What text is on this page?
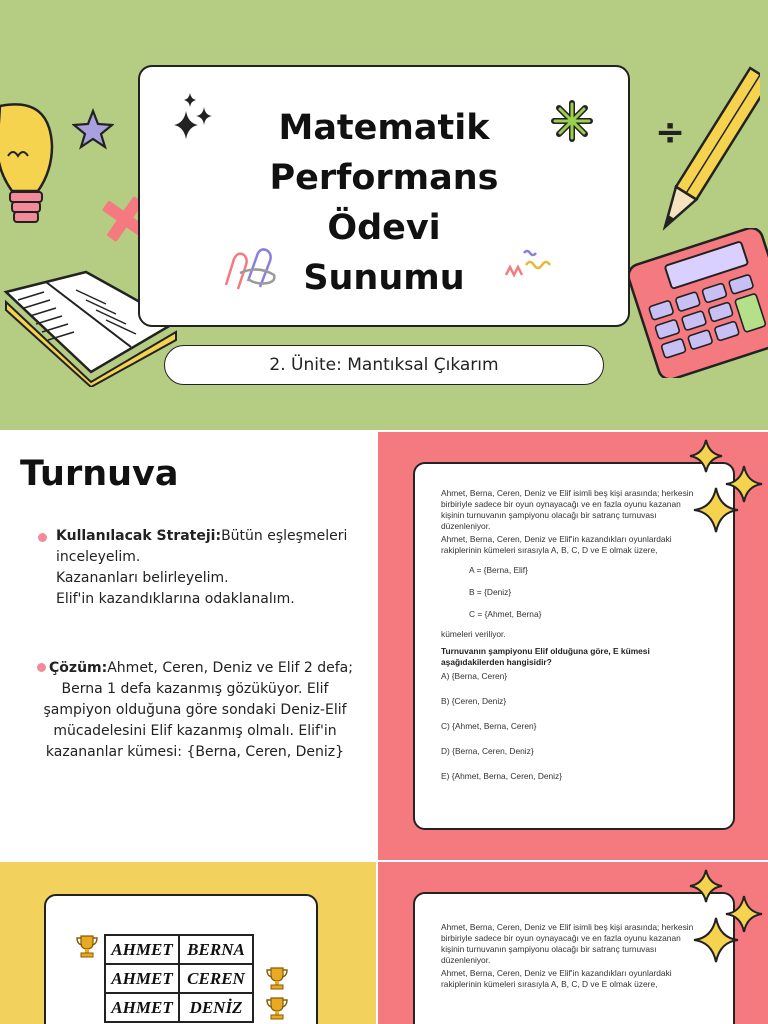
÷
Matematik
Performans
Ödevi
Sunumu
2. Ünite: Mantıksal Çıkarım
Turnuva
Kullanılacak Strateji:Bütün eşleşmeleri inceleyelim.
Kazananları belirleyelim.
Elif'in kazandıklarına odaklanalım.
Çözüm:Ahmet, Ceren, Deniz ve Elif 2 defa; Berna 1 defa kazanmış gözüküyor. Elif şampiyon olduğuna göre sondaki Deniz-Elif mücadelesini Elif kazanmış olmalı. Elif'in kazananlar kümesi: {Berna, Ceren, Deniz}
Ahmet, Berna, Ceren, Deniz ve Elif isimli beş kişi arasında; herkesin birbiriyle sadece bir oyun oynayacağı ve en fazla oyunu kazanan kişinin turnuvanın şampiyonu olacağı bir satranç turnuvası düzenleniyor.
Ahmet, Berna, Ceren, Deniz ve Elif'in kazandıkları oyunlardaki rakiplerinin kümeleri sırasıyla A, B, C, D ve E olmak üzere,
A = {Berna, Elif}
B = {Deniz}
C = {Ahmet, Berna}
kümeleri veriliyor.
Turnuvanın şampiyonu Elif olduğuna göre, E kümesi aşağıdakilerden hangisidir?
A) {Berna, Ceren}
B) {Ceren, Deniz}
C) {Ahmet, Berna, Ceren}
D) {Berna, Ceren, Deniz}
E) {Ahmet, Berna, Ceren, Deniz}
AHMET	BERNA
AHMET	CEREN
AHMET	DENİZ
Ahmet, Berna, Ceren, Deniz ve Elif isimli beş kişi arasında; herkesin birbiriyle sadece bir oyun oynayacağı ve en fazla oyunu kazanan kişinin turnuvanın şampiyonu olacağı bir satranç turnuvası düzenleniyor.
Ahmet, Berna, Ceren, Deniz ve Elif'in kazandıkları oyunlardaki rakiplerinin kümeleri sırasıyla A, B, C, D ve E olmak üzere,
